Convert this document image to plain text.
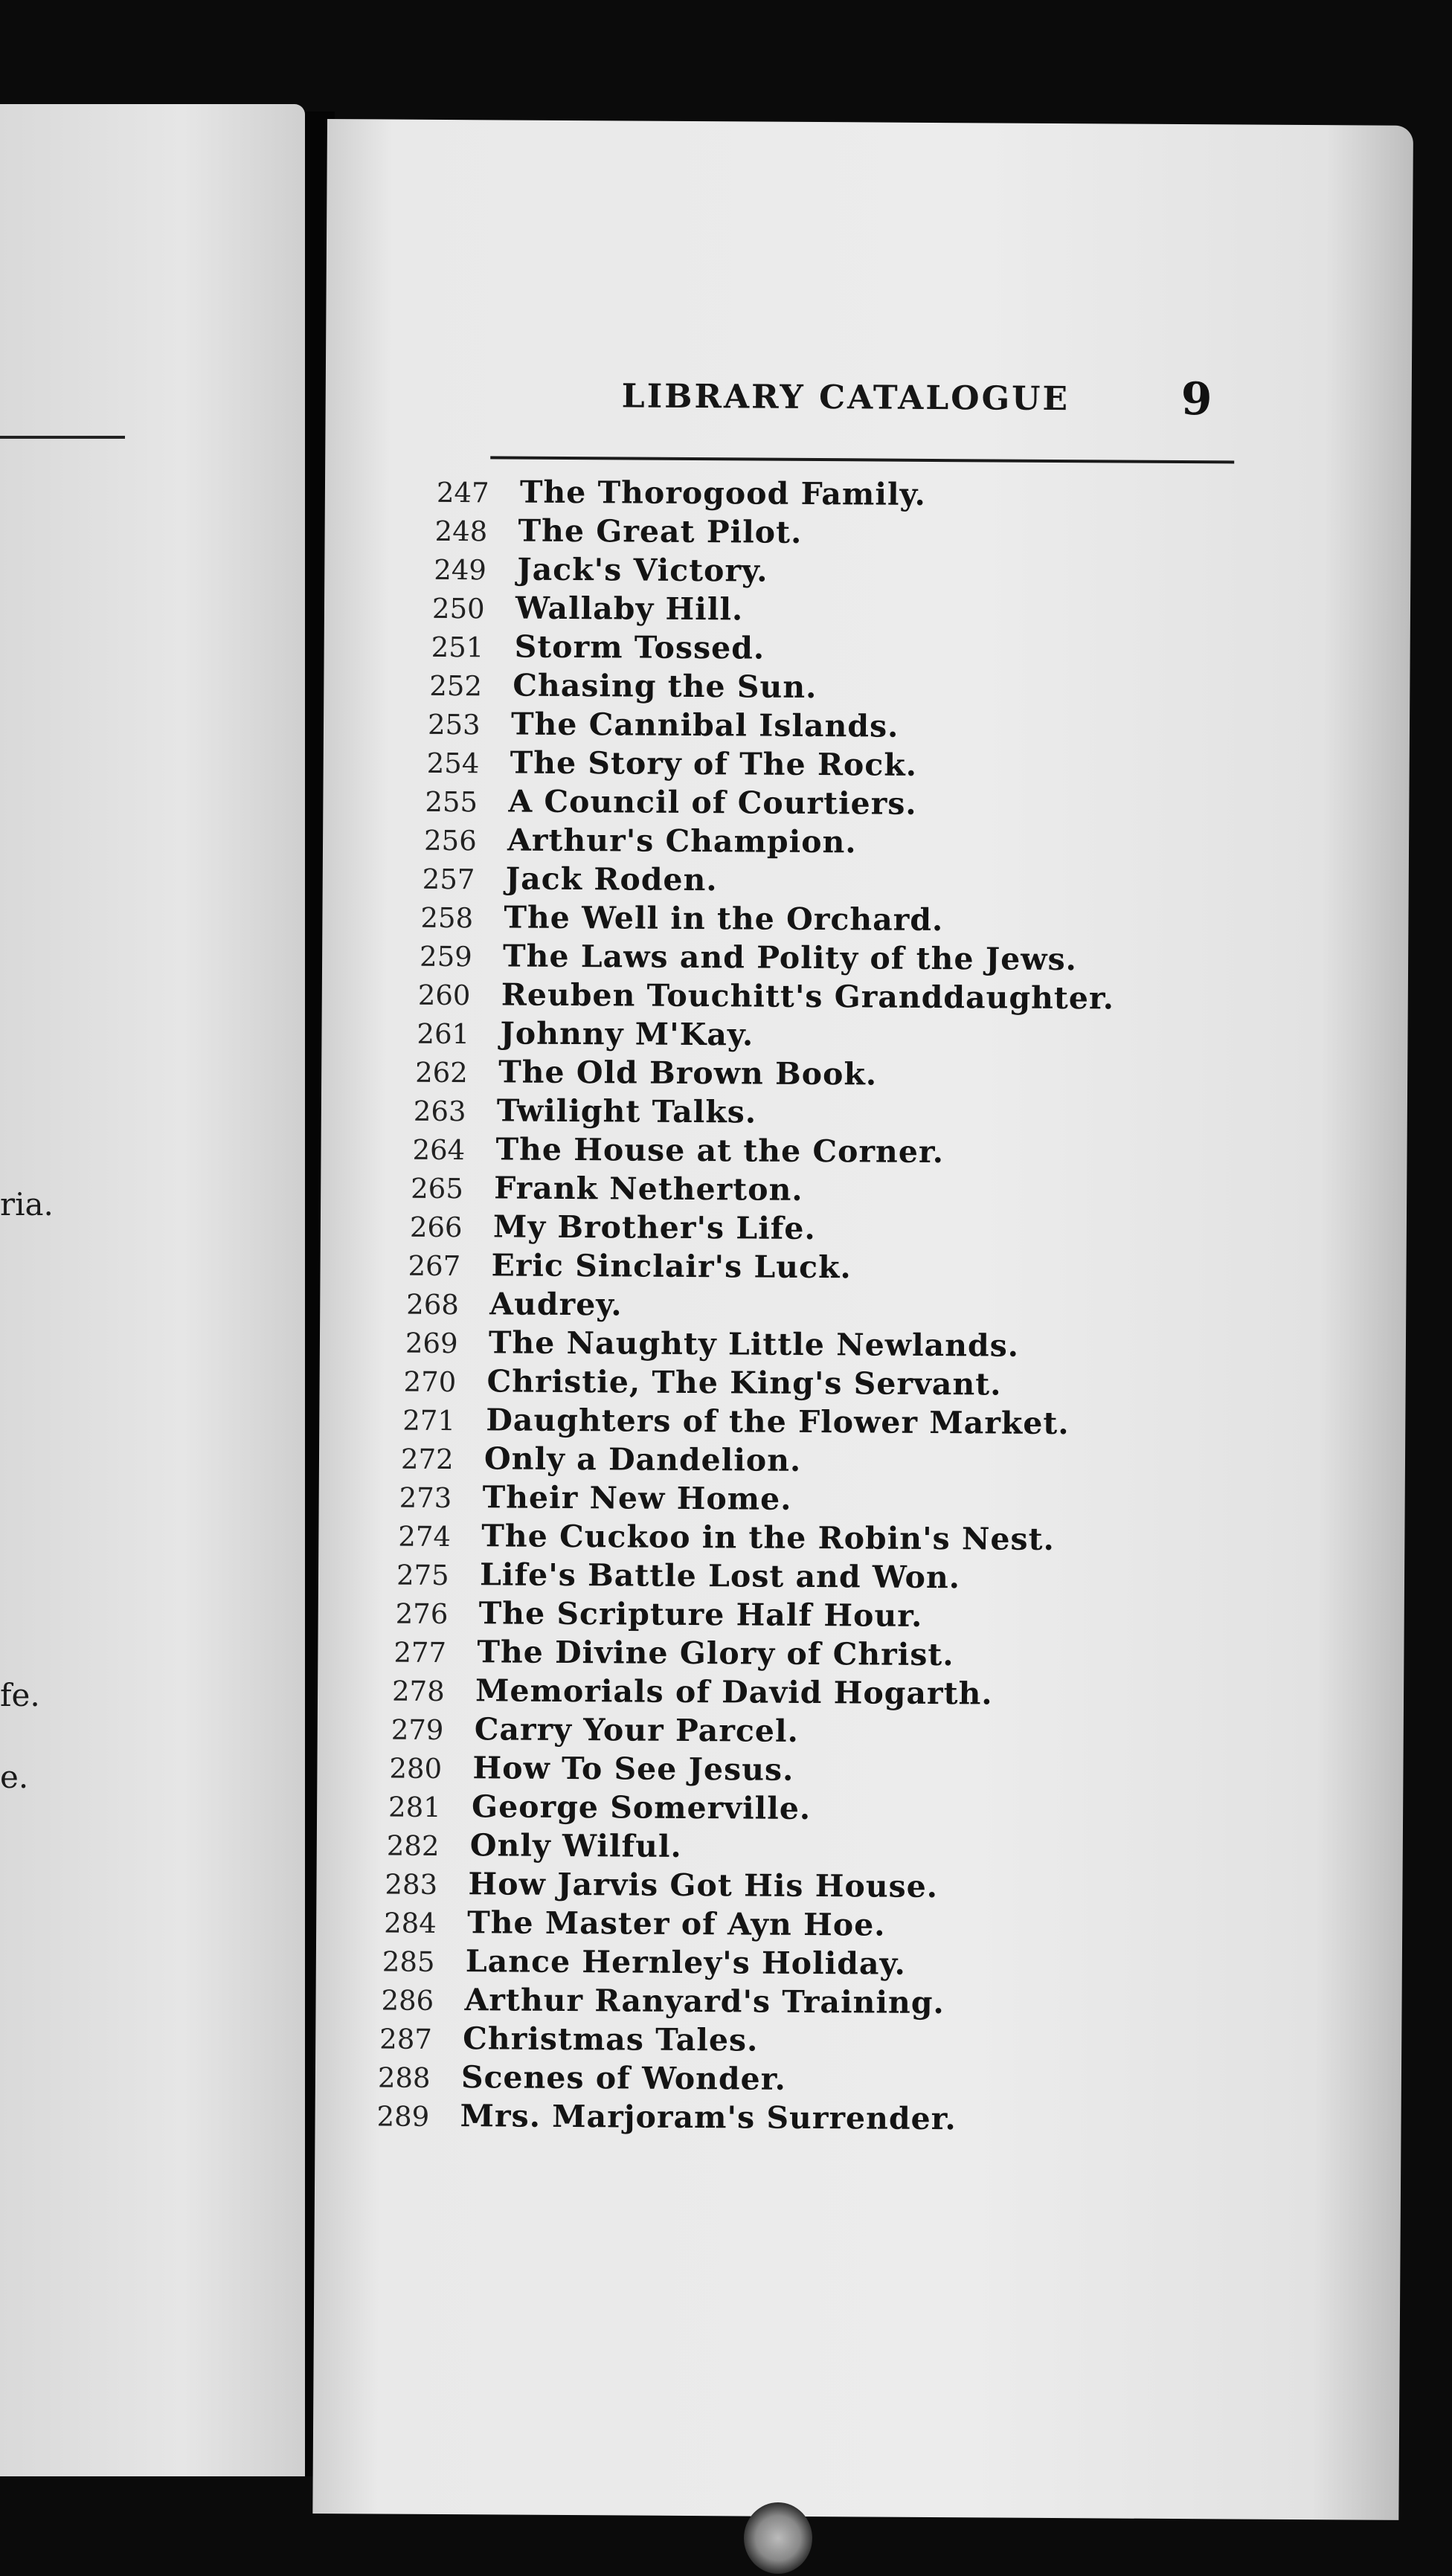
ria.
fe.
e.
LIBRARY CATALOGUE 9
247	The Thorogood Family.
248	The Great Pilot.
249	Jack's Victory.
250	Wallaby Hill.
251	Storm Tossed.
252	Chasing the Sun.
253	The Cannibal Islands.
254	The Story of The Rock.
255	A Council of Courtiers.
256	Arthur's Champion.
257	Jack Roden.
258	The Well in the Orchard.
259	The Laws and Polity of the Jews.
260	Reuben Touchitt's Granddaughter.
261	Johnny M'Kay.
262	The Old Brown Book.
263	Twilight Talks.
264	The House at the Corner.
265	Frank Netherton.
266	My Brother's Life.
267	Eric Sinclair's Luck.
268	Audrey.
269	The Naughty Little Newlands.
270	Christie, The King's Servant.
271	Daughters of the Flower Market.
272	Only a Dandelion.
273	Their New Home.
274	The Cuckoo in the Robin's Nest.
275	Life's Battle Lost and Won.
276	The Scripture Half Hour.
277	The Divine Glory of Christ.
278	Memorials of David Hogarth.
279	Carry Your Parcel.
280	How To See Jesus.
281	George Somerville.
282	Only Wilful.
283	How Jarvis Got His House.
284	The Master of Ayn Hoe.
285	Lance Hernley's Holiday.
286	Arthur Ranyard's Training.
287	Christmas Tales.
288	Scenes of Wonder.
289	Mrs. Marjoram's Surrender.
